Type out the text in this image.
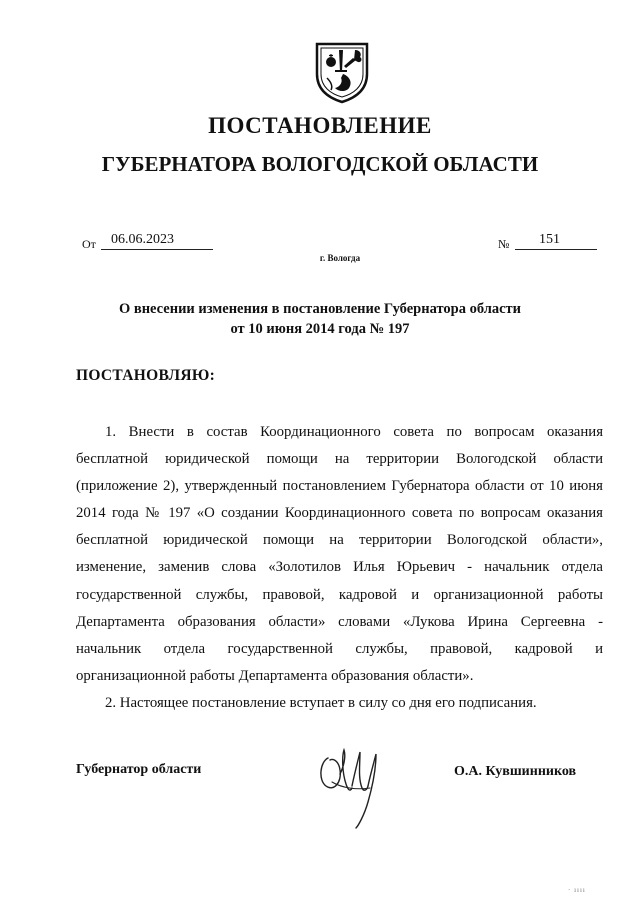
ПОСТАНОВЛЕНИЕ
ГУБЕРНАТОРА ВОЛОГОДСКОЙ ОБЛАСТИ
От	06.06.2023	№	151
г. Вологда
О внесении изменения в постановление Губернатора области
от 10 июня 2014 года № 197
ПОСТАНОВЛЯЮ:

1. Внести в состав Координационного совета по вопросам оказания бесплатной юридической помощи на территории Вологодской области (приложение 2), утвержденный постановлением Губернатора области от 10 июня 2014 года № 197 «О создании Координационного совета по вопросам оказания бесплатной юридической помощи на территории Вологодской области», изменение, заменив слова «Золотилов Илья Юрьевич - начальник отдела государственной службы, правовой, кадровой и организационной работы Департамента образования области» словами «Лукова Ирина Сергеевна - начальник отдела государственной службы, правовой, кадровой и организационной работы Департамента образования области».

2. Настоящее постановление вступает в силу со дня его подписания.

Губернатор области	О.А. Кувшинников
· ıııı
